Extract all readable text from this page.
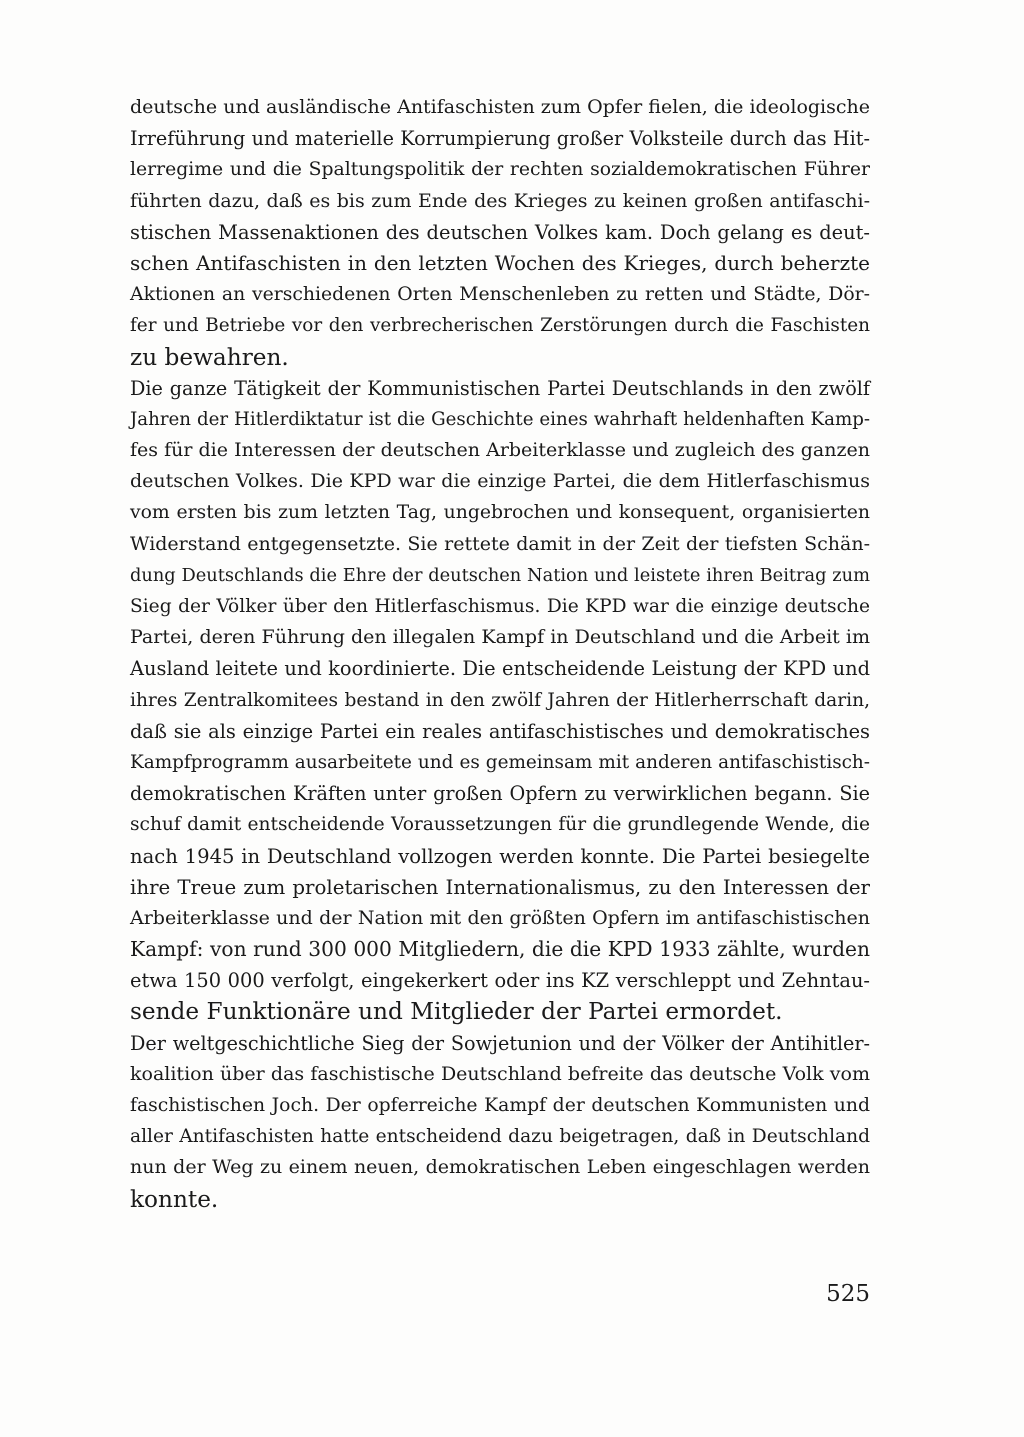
deutsche und ausländische Antifaschisten zum Opfer fielen, die ideologische
Irreführung und materielle Korrumpierung großer Volksteile durch das Hit-
lerregime und die Spaltungspolitik der rechten sozialdemokratischen Führer
führten dazu, daß es bis zum Ende des Krieges zu keinen großen antifaschi-
stischen Massenaktionen des deutschen Volkes kam. Doch gelang es deut-
schen Antifaschisten in den letzten Wochen des Krieges, durch beherzte
Aktionen an verschiedenen Orten Menschenleben zu retten und Städte, Dör-
fer und Betriebe vor den verbrecherischen Zerstörungen durch die Faschisten
zu bewahren.
Die ganze Tätigkeit der Kommunistischen Partei Deutschlands in den zwölf
Jahren der Hitlerdiktatur ist die Geschichte eines wahrhaft heldenhaften Kamp-
fes für die Interessen der deutschen Arbeiterklasse und zugleich des ganzen
deutschen Volkes. Die KPD war die einzige Partei, die dem Hitlerfaschismus
vom ersten bis zum letzten Tag, ungebrochen und konsequent, organisierten
Widerstand entgegensetzte. Sie rettete damit in der Zeit der tiefsten Schän-
dung Deutschlands die Ehre der deutschen Nation und leistete ihren Beitrag zum
Sieg der Völker über den Hitlerfaschismus. Die KPD war die einzige deutsche
Partei, deren Führung den illegalen Kampf in Deutschland und die Arbeit im
Ausland leitete und koordinierte. Die entscheidende Leistung der KPD und
ihres Zentralkomitees bestand in den zwölf Jahren der Hitlerherrschaft darin,
daß sie als einzige Partei ein reales antifaschistisches und demokratisches
Kampfprogramm ausarbeitete und es gemeinsam mit anderen antifaschistisch-
demokratischen Kräften unter großen Opfern zu verwirklichen begann. Sie
schuf damit entscheidende Voraussetzungen für die grundlegende Wende, die
nach 1945 in Deutschland vollzogen werden konnte. Die Partei besiegelte
ihre Treue zum proletarischen Internationalismus, zu den Interessen der
Arbeiterklasse und der Nation mit den größten Opfern im antifaschistischen
Kampf: von rund 300 000 Mitgliedern, die die KPD 1933 zählte, wurden
etwa 150 000 verfolgt, eingekerkert oder ins KZ verschleppt und Zehntau-
sende Funktionäre und Mitglieder der Partei ermordet.
Der weltgeschichtliche Sieg der Sowjetunion und der Völker der Antihitler-
koalition über das faschistische Deutschland befreite das deutsche Volk vom
faschistischen Joch. Der opferreiche Kampf der deutschen Kommunisten und
aller Antifaschisten hatte entscheidend dazu beigetragen, daß in Deutschland
nun der Weg zu einem neuen, demokratischen Leben eingeschlagen werden
konnte.
525
